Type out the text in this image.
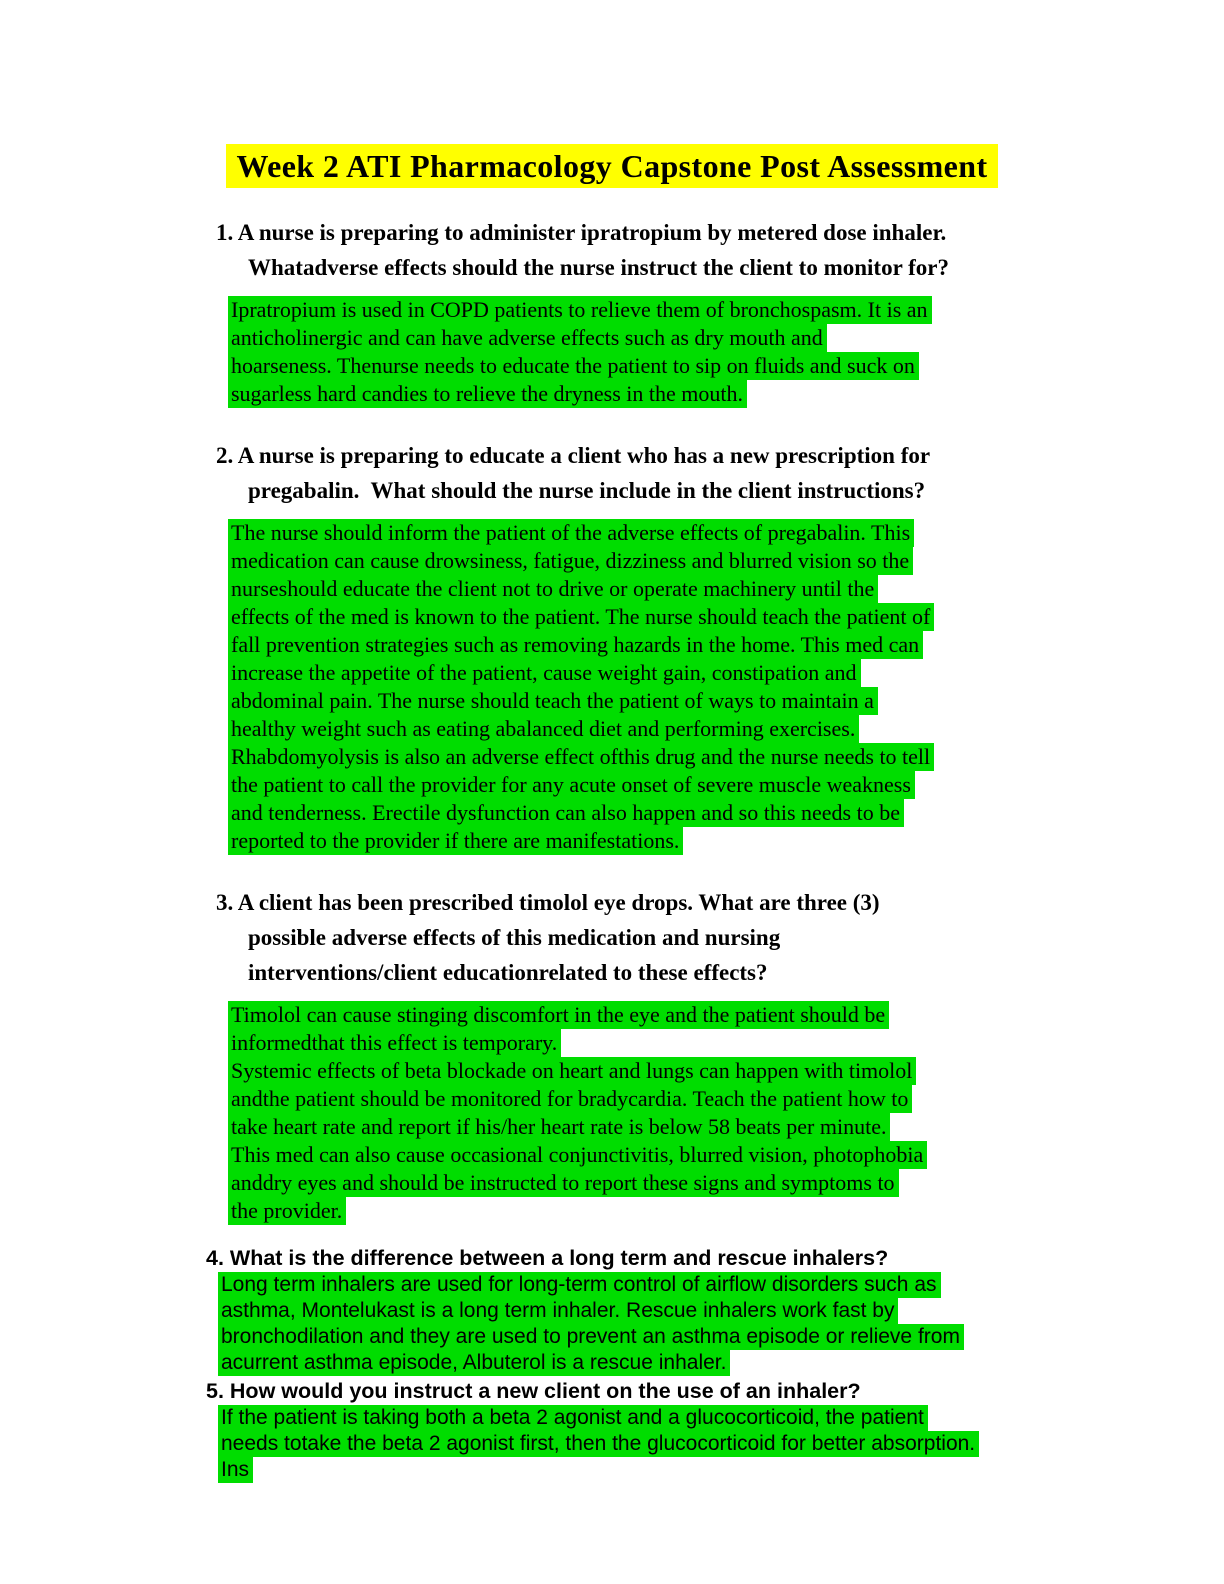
Week 2 ATI Pharmacology Capstone Post Assessment
1. A nurse is preparing to administer ipratropium by metered dose inhaler.
Whatadverse effects should the nurse instruct the client to monitor for?
Ipratropium is used in COPD patients to relieve them of bronchospasm. It is an
anticholinergic and can have adverse effects such as dry mouth and
hoarseness. Thenurse needs to educate the patient to sip on fluids and suck on
sugarless hard candies to relieve the dryness in the mouth.
2. A nurse is preparing to educate a client who has a new prescription for
pregabalin.  What should the nurse include in the client instructions?
The nurse should inform the patient of the adverse effects of pregabalin. This
medication can cause drowsiness, fatigue, dizziness and blurred vision so the
nurseshould educate the client not to drive or operate machinery until the
effects of the med is known to the patient. The nurse should teach the patient of
fall prevention strategies such as removing hazards in the home. This med can
increase the appetite of the patient, cause weight gain, constipation and
abdominal pain. The nurse should teach the patient of ways to maintain a
healthy weight such as eating abalanced diet and performing exercises.
Rhabdomyolysis is also an adverse effect ofthis drug and the nurse needs to tell
the patient to call the provider for any acute onset of severe muscle weakness
and tenderness. Erectile dysfunction can also happen and so this needs to be
reported to the provider if there are manifestations.
3. A client has been prescribed timolol eye drops. What are three (3)
possible adverse effects of this medication and nursing
interventions/client educationrelated to these effects?
Timolol can cause stinging discomfort in the eye and the patient should be
informedthat this effect is temporary.
Systemic effects of beta blockade on heart and lungs can happen with timolol
andthe patient should be monitored for bradycardia. Teach the patient how to
take heart rate and report if his/her heart rate is below 58 beats per minute.
This med can also cause occasional conjunctivitis, blurred vision, photophobia
anddry eyes and should be instructed to report these signs and symptoms to
the provider.
4. What is the difference between a long term and rescue inhalers?
Long term inhalers are used for long-term control of airflow disorders such as
asthma, Montelukast is a long term inhaler. Rescue inhalers work fast by
bronchodilation and they are used to prevent an asthma episode or relieve from
acurrent asthma episode, Albuterol is a rescue inhaler.
5. How would you instruct a new client on the use of an inhaler?
If the patient is taking both a beta 2 agonist and a glucocorticoid, the patient
needs totake the beta 2 agonist first, then the glucocorticoid for better absorption.
Ins
